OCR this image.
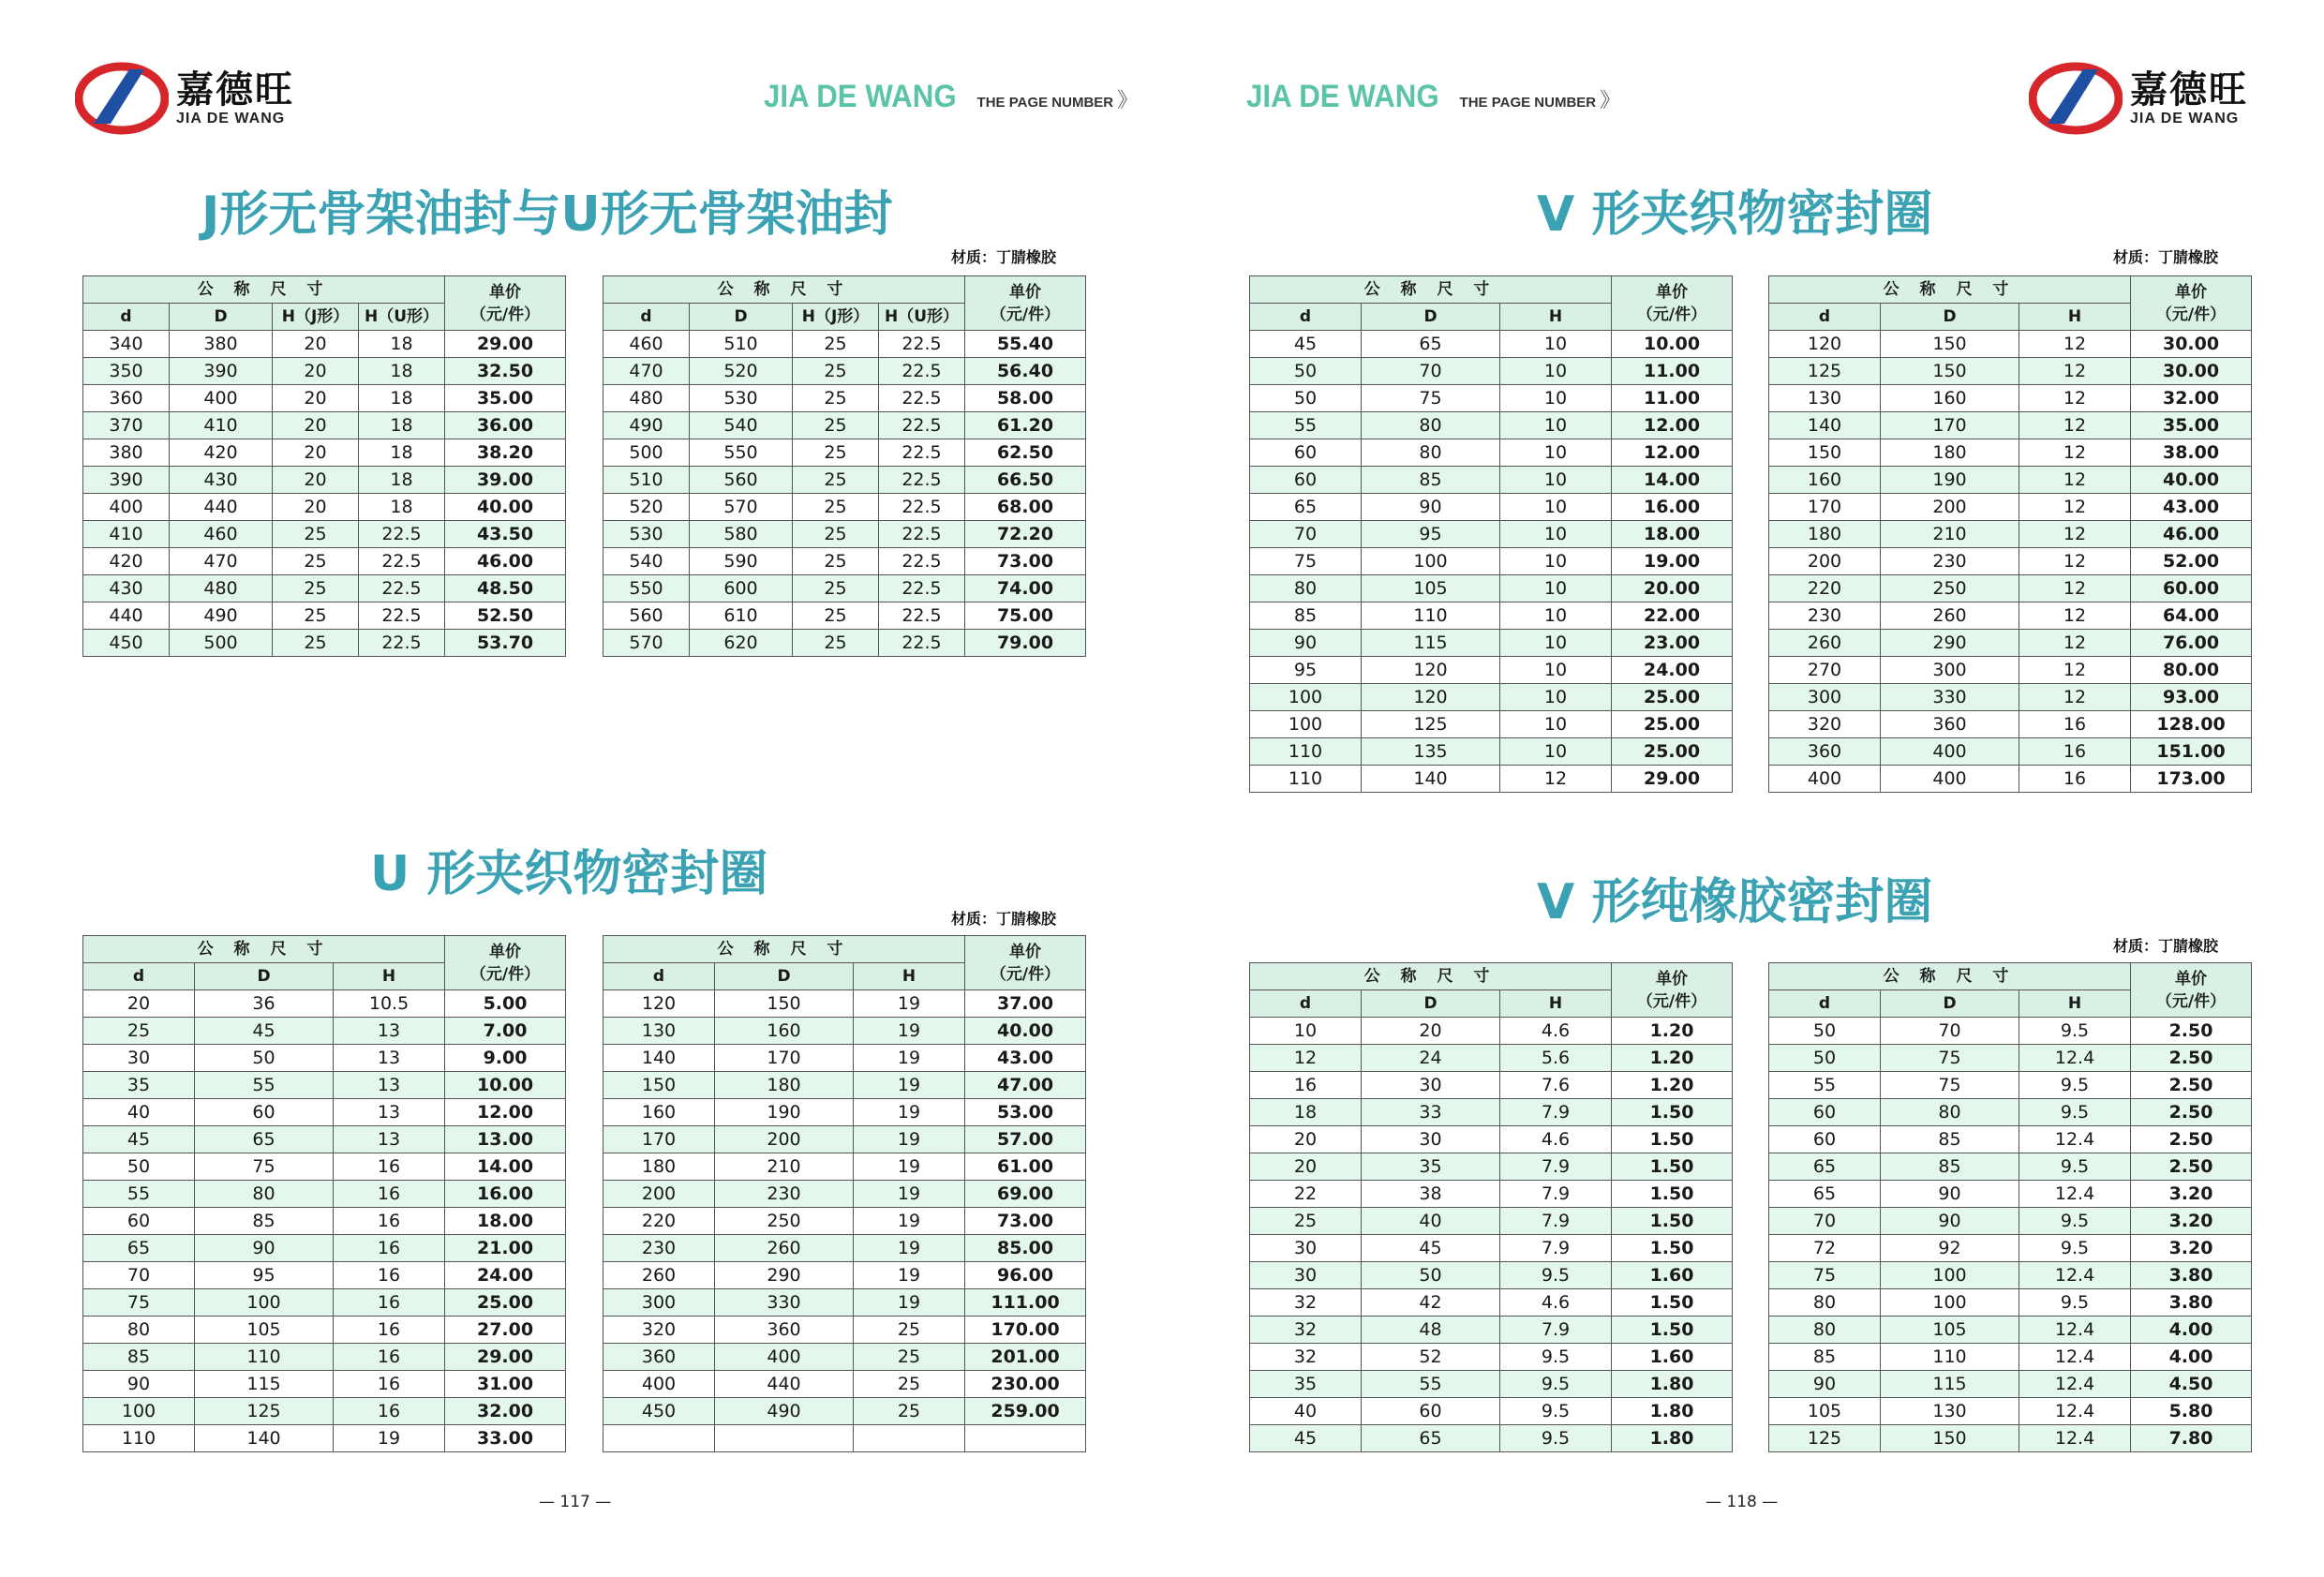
嘉德旺
JIA DE WANG
嘉德旺
JIA DE WANG
JIA DE WANG THE PAGE NUMBER 》	JIA DE WANG THE PAGE NUMBER 》
J形无骨架油封与U形无骨架油封
材质：丁腈橡胶
V 形夹织物密封圈
材质：丁腈橡胶
U 形夹织物密封圈
材质：丁腈橡胶	V 形纯橡胶密封圈
材质：丁腈橡胶
公 称 尺 寸				单价
（元/件）
d	D	H（J形）	H（U形）	
340	380	20	18	29.00
350	390	20	18	32.50
360	400	20	18	35.00
370	410	20	18	36.00
380	420	20	18	38.20
390	430	20	18	39.00
400	440	20	18	40.00
410	460	25	22.5	43.50
420	470	25	22.5	46.00
430	480	25	22.5	48.50
440	490	25	22.5	52.50
450	500	25	22.5	53.70
公 称 尺 寸				单价
（元/件）
d	D	H（J形）	H（U形）	
460	510	25	22.5	55.40
470	520	25	22.5	56.40
480	530	25	22.5	58.00
490	540	25	22.5	61.20
500	550	25	22.5	62.50
510	560	25	22.5	66.50
520	570	25	22.5	68.00
530	580	25	22.5	72.20
540	590	25	22.5	73.00
550	600	25	22.5	74.00
560	610	25	22.5	75.00
570	620	25	22.5	79.00
公 称 尺 寸			单价
（元/件）
d	D	H	
20	36	10.5	5.00
25	45	13	7.00
30	50	13	9.00
35	55	13	10.00
40	60	13	12.00
45	65	13	13.00
50	75	16	14.00
55	80	16	16.00
60	85	16	18.00
65	90	16	21.00
70	95	16	24.00
75	100	16	25.00
80	105	16	27.00
85	110	16	29.00
90	115	16	31.00
100	125	16	32.00
110	140	19	33.00
公 称 尺 寸			单价
（元/件）
d	D	H	
120	150	19	37.00
130	160	19	40.00
140	170	19	43.00
150	180	19	47.00
160	190	19	53.00
170	200	19	57.00
180	210	19	61.00
200	230	19	69.00
220	250	19	73.00
230	260	19	85.00
260	290	19	96.00
300	330	19	111.00
320	360	25	170.00
360	400	25	201.00
400	440	25	230.00
450	490	25	259.00

公 称 尺 寸			单价
（元/件）
d	D	H	
45	65	10	10.00
50	70	10	11.00
50	75	10	11.00
55	80	10	12.00
60	80	10	12.00
60	85	10	14.00
65	90	10	16.00
70	95	10	18.00
75	100	10	19.00
80	105	10	20.00
85	110	10	22.00
90	115	10	23.00
95	120	10	24.00
100	120	10	25.00
100	125	10	25.00
110	135	10	25.00
110	140	12	29.00
公 称 尺 寸			单价
（元/件）
d	D	H	
120	150	12	30.00
125	150	12	30.00
130	160	12	32.00
140	170	12	35.00
150	180	12	38.00
160	190	12	40.00
170	200	12	43.00
180	210	12	46.00
200	230	12	52.00
220	250	12	60.00
230	260	12	64.00
260	290	12	76.00
270	300	12	80.00
300	330	12	93.00
320	360	16	128.00
360	400	16	151.00
400	400	16	173.00
公 称 尺 寸			单价
（元/件）
d	D	H	
10	20	4.6	1.20
12	24	5.6	1.20
16	30	7.6	1.20
18	33	7.9	1.50
20	30	4.6	1.50
20	35	7.9	1.50
22	38	7.9	1.50
25	40	7.9	1.50
30	45	7.9	1.50
30	50	9.5	1.60
32	42	4.6	1.50
32	48	7.9	1.50
32	52	9.5	1.60
35	55	9.5	1.80
40	60	9.5	1.80
45	65	9.5	1.80
公 称 尺 寸			单价
（元/件）
d	D	H	
50	70	9.5	2.50
50	75	12.4	2.50
55	75	9.5	2.50
60	80	9.5	2.50
60	85	12.4	2.50
65	85	9.5	2.50
65	90	12.4	3.20
70	90	9.5	3.20
72	92	9.5	3.20
75	100	12.4	3.80
80	100	9.5	3.80
80	105	12.4	4.00
85	110	12.4	4.00
90	115	12.4	4.50
105	130	12.4	5.80
125	150	12.4	7.80
— 117 —	— 118 —
